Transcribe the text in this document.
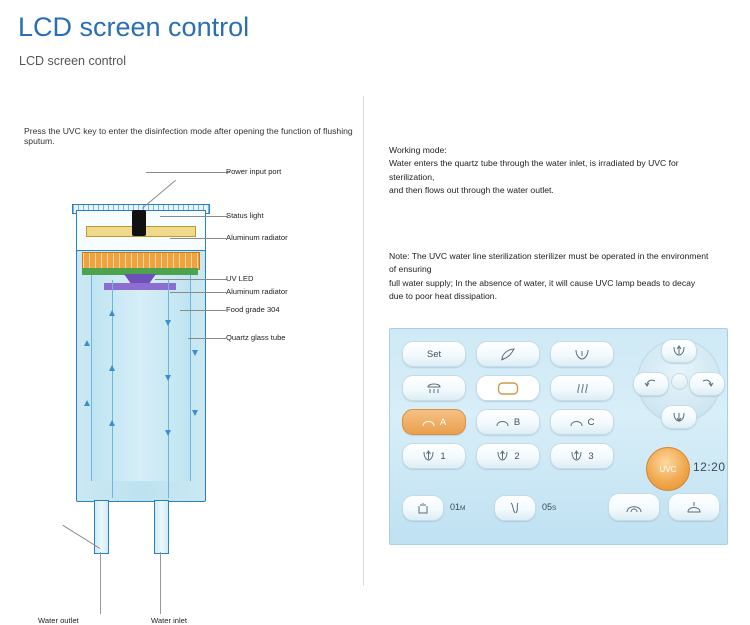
LCD screen control
LCD screen control
Press the UVC key to enter the disinfection mode after opening the function of flushing sputum.
Power input port
Status light
Aluminum radiator
UV LED
Aluminum radiator
Food grade 304
Quartz glass tube
Water outlet	Water inlet
Working mode:
Water enters the quartz tube through the water inlet, is irradiated by UVC for sterilization,
and then flows out through the water outlet.
Note: The UVC water line sterilization sterilizer must be operated in the environment of ensuring
full water supply; In the absence of water, it will cause UVC lamp beads to decay
due to poor heat dissipation.
Set
A	B	C
1	2	3
UVC 12:20
01M	05S
